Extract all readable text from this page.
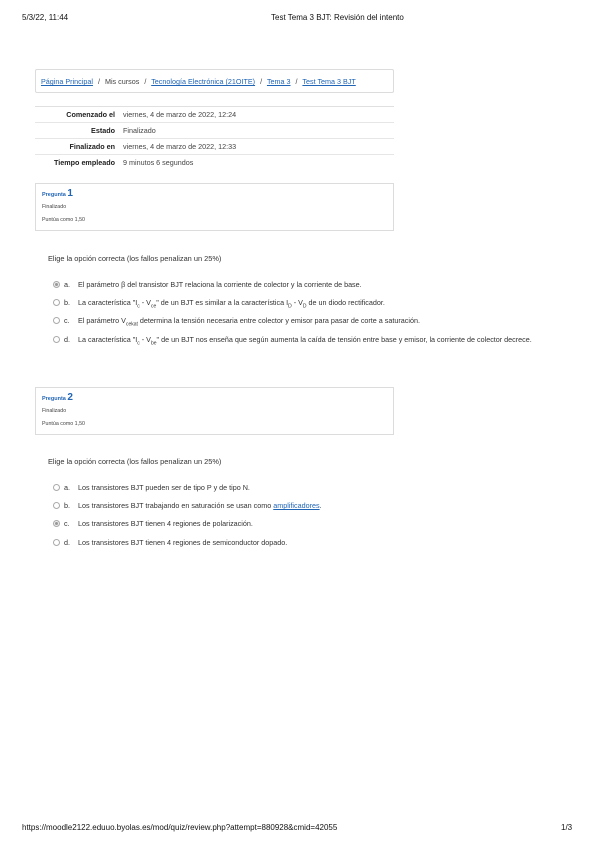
5/3/22, 11:44	Test Tema 3 BJT: Revisión del intento
Página Principal / Mis cursos / Tecnología Electrónica (21OITE) / Tema 3 / Test Tema 3 BJT
Comenzado el	viernes, 4 de marzo de 2022, 12:24
Estado	Finalizado
Finalizado en	viernes, 4 de marzo de 2022, 12:33
Tiempo empleado	9 minutos 6 segundos
Pregunta 1
Finalizado
Puntúa como 1,50
Elige la opción correcta (los fallos penalizan un 25%)
a. El parámetro β del transistor BJT relaciona la corriente de colector y la corriente de base.
b. La característica "$I_c - V_{ce}$" de un BJT es similar a la característica $I_D - V_D$ de un diodo rectificador.
c. El parámetro $V_{cekat}$ determina la tensión necesaria entre colector y emisor para pasar de corte a saturación.
d. La característica "$I_c - V_{be}$" de un BJT nos enseña que según aumenta la caída de tensión entre base y emisor, la corriente de colector decrece.
Pregunta 2
Finalizado
Puntúa como 1,50
Elige la opción correcta (los fallos penalizan un 25%)
a. Los transistores BJT pueden ser de tipo P y de tipo N.
b. Los transistores BJT trabajando en saturación se usan como amplificadores.
c. Los transistores BJT tienen 4 regiones de polarización.
d. Los transistores BJT tienen 4 regiones de semiconductor dopado.
https://moodle2122.eduuo.byolas.es/mod/quiz/review.php?attempt=880928&cmid=42055	1/3
